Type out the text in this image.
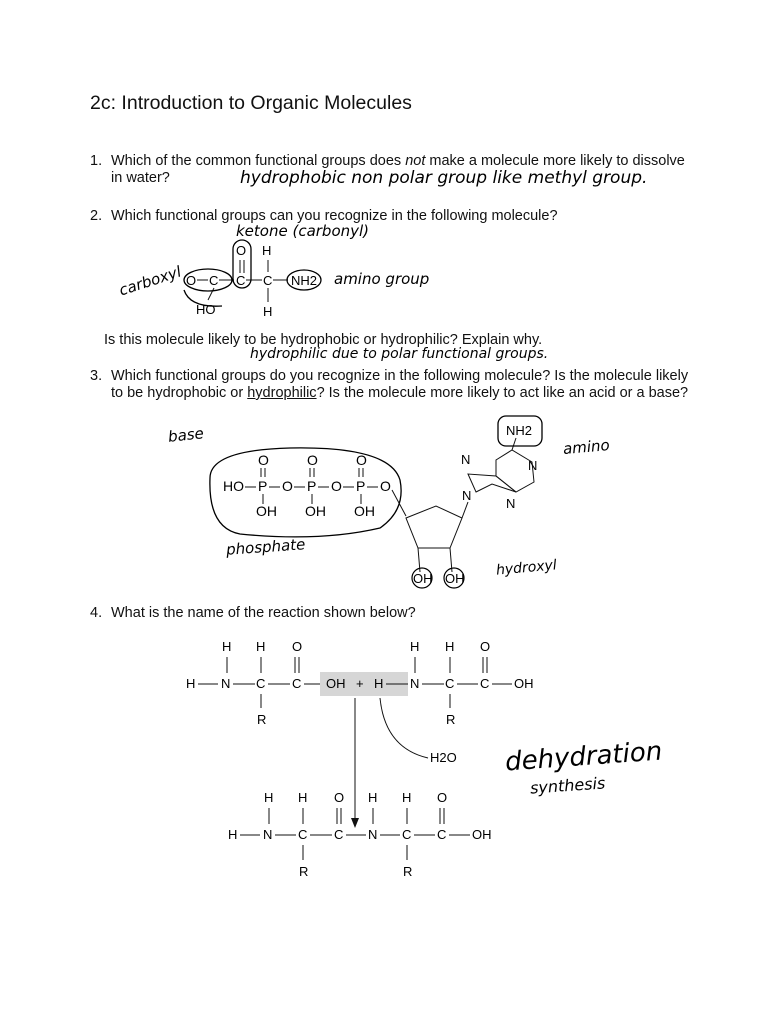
2c: Introduction to Organic Molecules
1. Which of the common functional groups does not make a molecule more likely to dissolve in water?	hydrophobic non polar group like methyl group.
2. Which functional groups can you recognize in the following molecule?
ketone (carbonyl)
carboxyl	amino group
O H
O C C C NH2
HO	H
Is this molecule likely to be hydrophobic or hydrophilic? Explain why.
hydrophilic due to polar functional groups.
3. Which functional groups do you recognize in the following molecule? Is the molecule likely to be hydrophobic or hydrophilic? Is the molecule more likely to act like an acid or a base?
base
amino
phosphate
hydroxyl
HO P O P O P O
O	O	O
OH OH OH
OH OH
N
N	N
N
NH2
4. What is the name of the reaction shown below?
H H O
H N C C OH + H
R
H H O
N C C OH
R
H2O
H H O H H O
H N C C N C C OH
R	R
dehydration
synthesis
